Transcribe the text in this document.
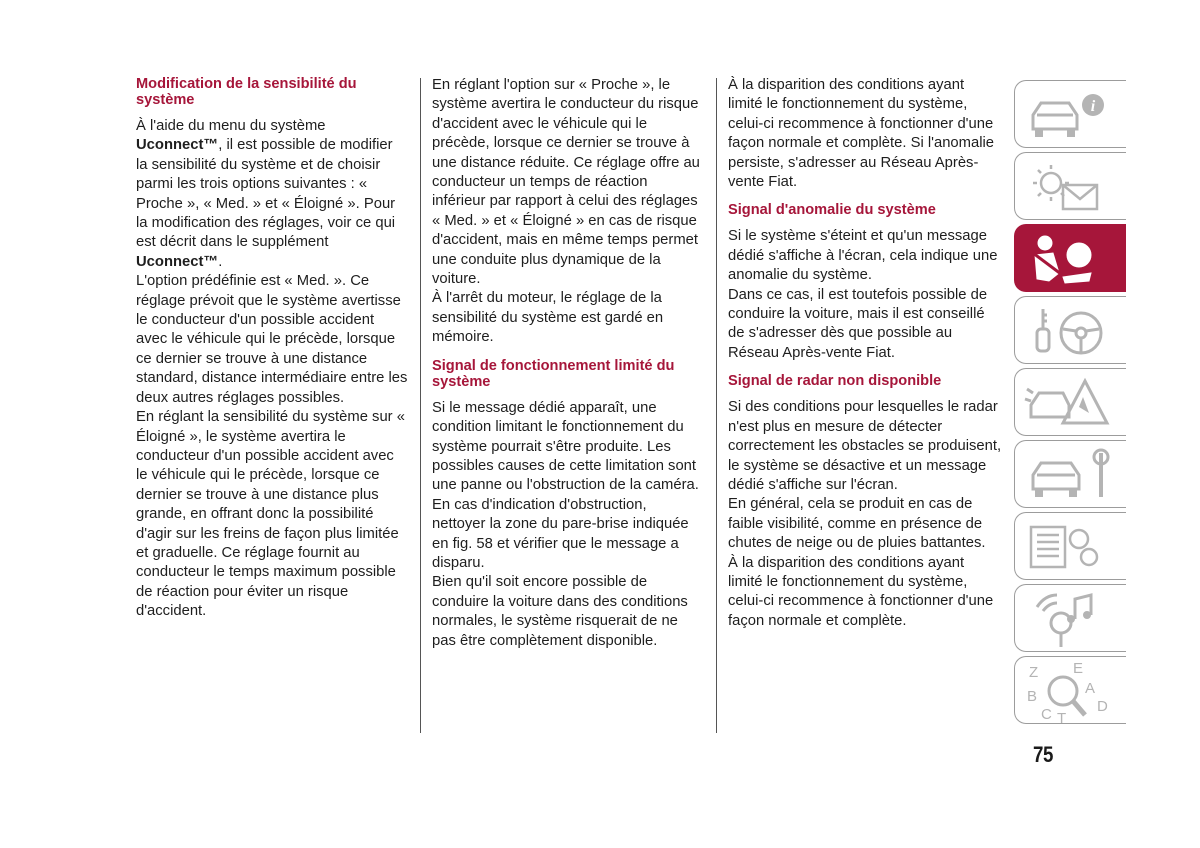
Modification de la sensibilité du système

À l'aide du menu du système Uconnect™, il est possible de modifier la sensibilité du système et de choisir parmi les trois options suivantes : « Proche », « Med. » et « Éloigné ». Pour la modification des réglages, voir ce qui est décrit dans le supplément Uconnect™.

L'option prédéfinie est « Med. ». Ce réglage prévoit que le système avertisse le conducteur d'un possible accident avec le véhicule qui le précède, lorsque ce dernier se trouve à une distance standard, distance intermédiaire entre les deux autres réglages possibles.

En réglant la sensibilité du système sur « Éloigné », le système avertira le conducteur d'un possible accident avec le véhicule qui le précède, lorsque ce dernier se trouve à une distance plus grande, en offrant donc la possibilité d'agir sur les freins de façon plus limitée et graduelle. Ce réglage fournit au conducteur le temps maximum possible de réaction pour éviter un risque d'accident.

En réglant l'option sur « Proche », le système avertira le conducteur du risque d'accident avec le véhicule qui le précède, lorsque ce dernier se trouve à une distance réduite. Ce réglage offre au conducteur un temps de réaction inférieur par rapport à celui des réglages « Med. » et « Éloigné » en cas de risque d'accident, mais en même temps permet une conduite plus dynamique de la voiture.

À l'arrêt du moteur, le réglage de la sensibilité du système est gardé en mémoire.

Signal de fonctionnement limité du système

Si le message dédié apparaît, une condition limitant le fonctionnement du système pourrait s'être produite. Les possibles causes de cette limitation sont une panne ou l'obstruction de la caméra.

En cas d'indication d'obstruction, nettoyer la zone du pare-brise indiquée en fig. 58 et vérifier que le message a disparu.

Bien qu'il soit encore possible de conduire la voiture dans des conditions normales, le système risquerait de ne pas être complètement disponible.

À la disparition des conditions ayant limité le fonctionnement du système, celui-ci recommence à fonctionner d'une façon normale et complète. Si l'anomalie persiste, s'adresser au Réseau Après-vente Fiat.

Signal d'anomalie du système

Si le système s'éteint et qu'un message dédié s'affiche à l'écran, cela indique une anomalie du système.

Dans ce cas, il est toutefois possible de conduire la voiture, mais il est conseillé de s'adresser dès que possible au Réseau Après-vente Fiat.

Signal de radar non disponible

Si des conditions pour lesquelles le radar n'est plus en mesure de détecter correctement les obstacles se produisent, le système se désactive et un message dédié s'affiche sur l'écran.

En général, cela se produit en cas de faible visibilité, comme en présence de chutes de neige ou de pluies battantes.

À la disparition des conditions ayant limité le fonctionnement du système, celui-ci recommence à fonctionner d'une façon normale et complète.

i
Z E
B	A
C T
D
75
